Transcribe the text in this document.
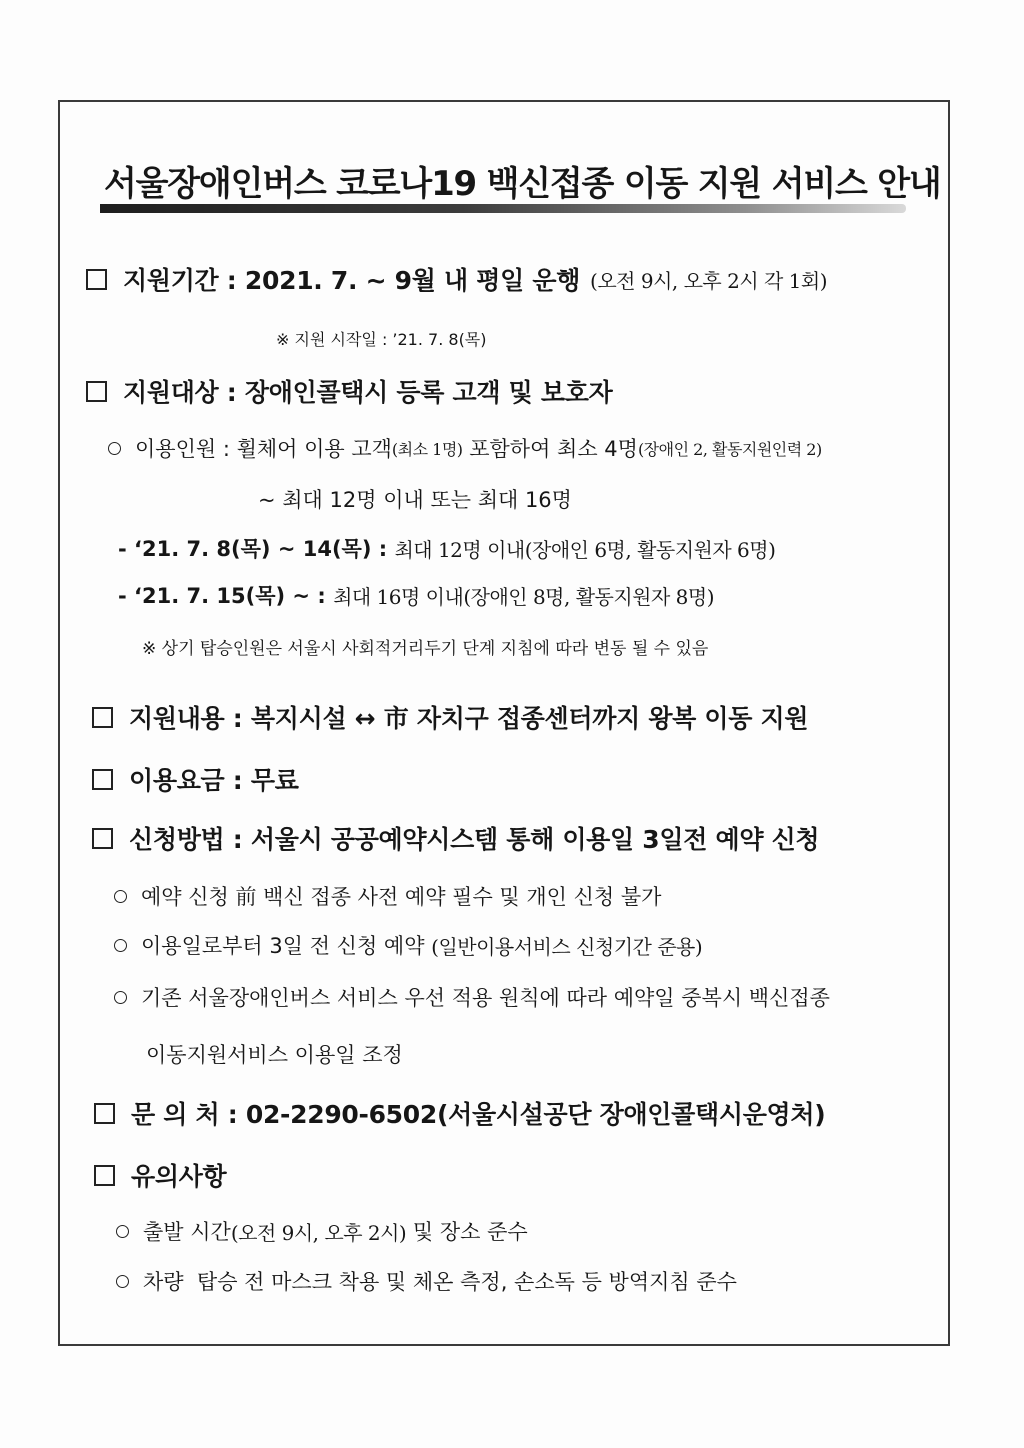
서울장애인버스 코로나19 백신접종 이동 지원 서비스 안내
지원기간 : 2021. 7. ~ 9월 내 평일 운행 (오전 9시, 오후 2시 각 1회)
※ 지원 시작일 : ’21. 7. 8(목)
지원대상 : 장애인콜택시 등록 고객 및 보호자
이용인원 : 휠체어 이용 고객 (최소 1명) 포함하여 최소 4명 (장애인 2, 활동지원인력 2)
~ 최대 12명 이내 또는 최대 16명
- ‘21. 7. 8(목) ~ 14(목) : 최대 12명 이내(장애인 6명, 활동지원자 6명)
- ‘21. 7. 15(목) ~ : 최대 16명 이내(장애인 8명, 활동지원자 8명)
※ 상기 탑승인원은 서울시 사회적거리두기 단계 지침에 따라 변동 될 수 있음
지원내용 : 복지시설 ↔ 市 자치구 접종센터까지 왕복 이동 지원
이용요금 : 무료
신청방법 : 서울시 공공예약시스템 통해 이용일 3일전 예약 신청
예약 신청 前 백신 접종 사전 예약 필수 및 개인 신청 불가
이용일로부터 3일 전 신청 예약 (일반이용서비스 신청기간 준용)
기존 서울장애인버스 서비스 우선 적용 원칙에 따라 예약일 중복시 백신접종
이동지원서비스 이용일 조정
문 의 처 : 02-2290-6502(서울시설공단 장애인콜택시운영처)
유의사항
출발 시간 (오전 9시, 오후 2시) 및 장소 준수
차량  탑승 전 마스크 착용 및 체온 측정, 손소독 등 방역지침 준수
